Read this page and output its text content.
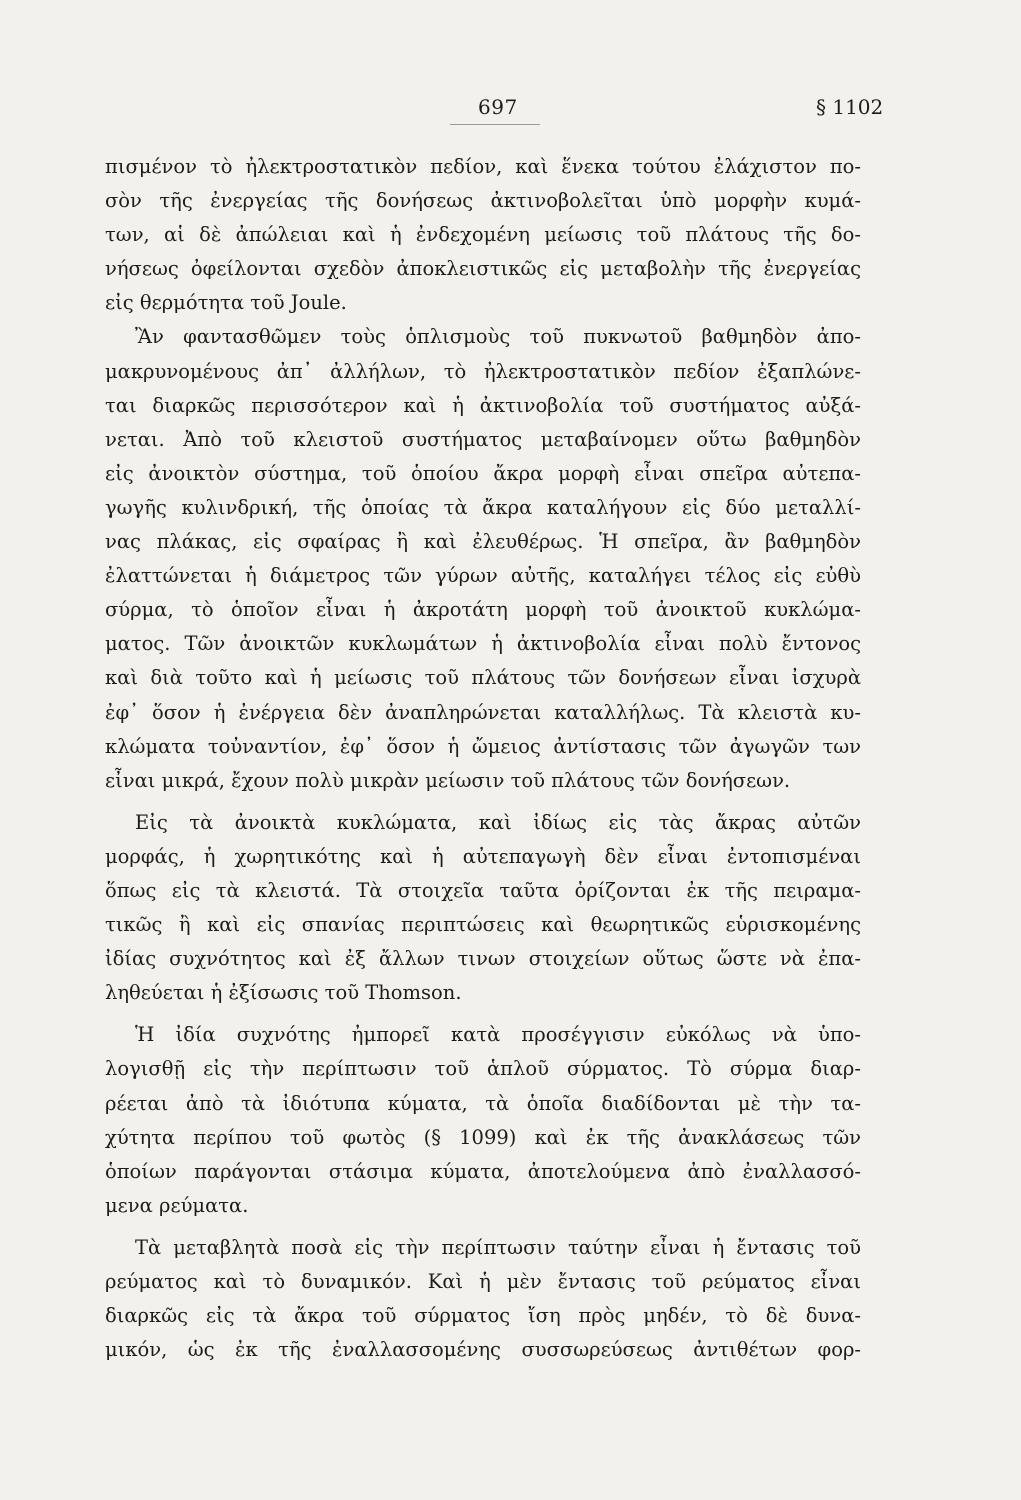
697	§ 1102
πισμένον τὸ ἠλεκτροστατικὸν πεδίον, καὶ ἕνεκα τούτου ἐλάχιστον πο-
σὸν τῆς ἐνεργείας τῆς δονήσεως ἀκτινοβολεῖται ὑπὸ μορφὴν κυμά-
των, αἱ δὲ ἀπώλειαι καὶ ἡ ἐνδεχομένη μείωσις τοῦ πλάτους τῆς δο-
νήσεως ὀφείλονται σχεδὸν ἀποκλειστικῶς εἰς μεταβολὴν τῆς ἐνεργείας
εἰς θερμότητα τοῦ Joule.
Ἂν φαντασθῶμεν τοὺς ὁπλισμοὺς τοῦ πυκνωτοῦ βαθμηδὸν ἀπο-
μακρυνομένους ἀπ᾽ ἀλλήλων, τὸ ἠλεκτροστατικὸν πεδίον ἐξαπλώνε-
ται διαρκῶς περισσότερον καὶ ἡ ἀκτινοβολία τοῦ συστήματος αὐξά-
νεται. Ἀπὸ τοῦ κλειστοῦ συστήματος μεταβαίνομεν οὕτω βαθμηδὸν
εἰς ἀνοικτὸν σύστημα, τοῦ ὁποίου ἄκρα μορφὴ εἶναι σπεῖρα αὐτεπα-
γωγῆς κυλινδρική, τῆς ὁποίας τὰ ἄκρα καταλήγουν εἰς δύο μεταλλί-
νας πλάκας, εἰς σφαίρας ἢ καὶ ἐλευθέρως. Ἡ σπεῖρα, ἂν βαθμηδὸν
ἐλαττώνεται ἡ διάμετρος τῶν γύρων αὐτῆς, καταλήγει τέλος εἰς εὐθὺ
σύρμα, τὸ ὁποῖον εἶναι ἡ ἀκροτάτη μορφὴ τοῦ ἀνοικτοῦ κυκλώμα-
ματος. Τῶν ἀνοικτῶν κυκλωμάτων ἡ ἀκτινοβολία εἶναι πολὺ ἔντονος
καὶ διὰ τοῦτο καὶ ἡ μείωσις τοῦ πλάτους τῶν δονήσεων εἶναι ἰσχυρὰ
ἐφ᾽ ὅσον ἡ ἐνέργεια δὲν ἀναπληρώνεται καταλλήλως. Τὰ κλειστὰ κυ-
κλώματα τοὐναντίον, ἐφ᾽ ὅσον ἡ ὤμειος ἀντίστασις τῶν ἀγωγῶν των
εἶναι μικρά, ἔχουν πολὺ μικρὰν μείωσιν τοῦ πλάτους τῶν δονήσεων.
Εἰς τὰ ἀνοικτὰ κυκλώματα, καὶ ἰδίως εἰς τὰς ἄκρας αὐτῶν
μορφάς, ἡ χωρητικότης καὶ ἡ αὐτεπαγωγὴ δὲν εἶναι ἐντοπισμέναι
ὅπως εἰς τὰ κλειστά. Τὰ στοιχεῖα ταῦτα ὁρίζονται ἐκ τῆς πειραμα-
τικῶς ἢ καὶ εἰς σπανίας περιπτώσεις καὶ θεωρητικῶς εὑρισκομένης
ἰδίας συχνότητος καὶ ἐξ ἄλλων τινων στοιχείων οὕτως ὥστε νὰ ἐπα-
ληθεύεται ἡ ἐξίσωσις τοῦ Thomson.
Ἡ ἰδία συχνότης ἠμπορεῖ κατὰ προσέγγισιν εὐκόλως νὰ ὑπο-
λογισθῇ εἰς τὴν περίπτωσιν τοῦ ἁπλοῦ σύρματος. Τὸ σύρμα διαρ-
ρέεται ἀπὸ τὰ ἰδιότυπα κύματα, τὰ ὁποῖα διαδίδονται μὲ τὴν τα-
χύτητα περίπου τοῦ φωτὸς (§ 1099) καὶ ἐκ τῆς ἀνακλάσεως τῶν
ὁποίων παράγονται στάσιμα κύματα, ἀποτελούμενα ἀπὸ ἐναλλασσό-
μενα ρεύματα.
Τὰ μεταβλητὰ ποσὰ εἰς τὴν περίπτωσιν ταύτην εἶναι ἡ ἔντασις τοῦ
ρεύματος καὶ τὸ δυναμικόν. Καὶ ἡ μὲν ἔντασις τοῦ ρεύματος εἶναι
διαρκῶς εἰς τὰ ἄκρα τοῦ σύρματος ἴση πρὸς μηδέν, τὸ δὲ δυνα-
μικόν, ὡς ἐκ τῆς ἐναλλασσομένης συσσωρεύσεως ἀντιθέτων φορ-
